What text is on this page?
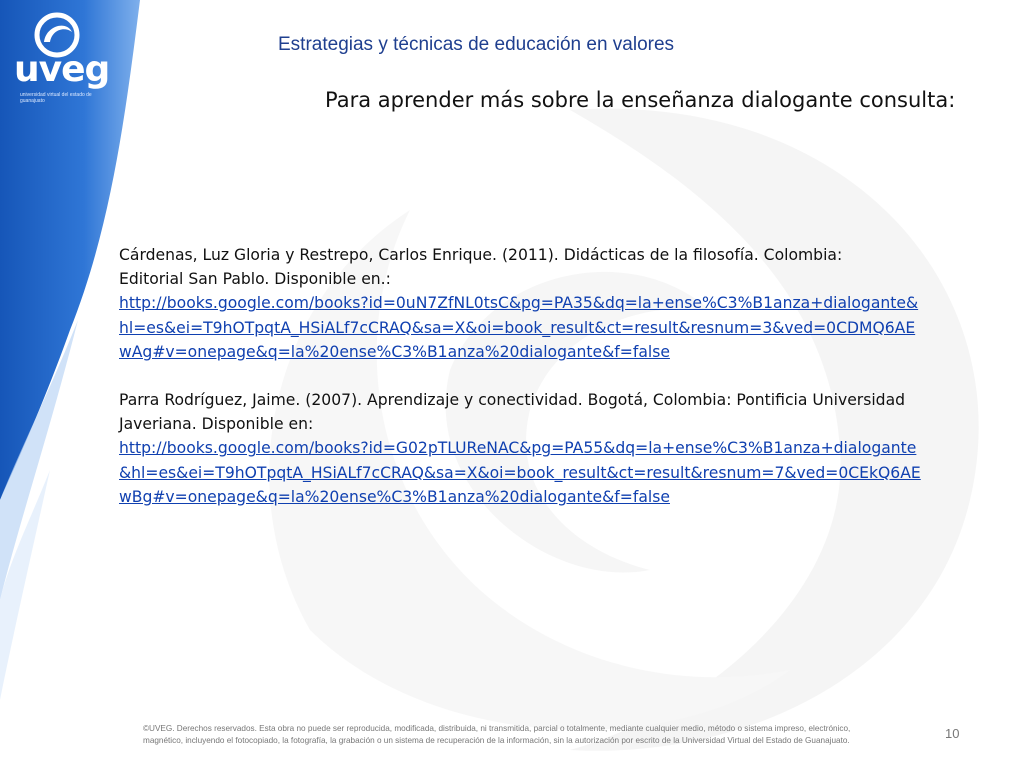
uveg
universidad virtual del estado de guanajuato
Estrategias y técnicas de educación en valores
Para aprender más sobre la enseñanza dialogante consulta:
Cárdenas, Luz Gloria y Restrepo, Carlos Enrique. (2011). Didácticas de la filosofía. Colombia:
Editorial San Pablo. Disponible en.:
http://books.google.com/books?id=0uN7ZfNL0tsC&pg=PA35&dq=la+ense%C3%B1anza+dialogante&
hl=es&ei=T9hOTpqtA_HSiALf7cCRAQ&sa=X&oi=book_result&ct=result&resnum=3&ved=0CDMQ6AE
wAg#v=onepage&q=la%20ense%C3%B1anza%20dialogante&f=false
Parra Rodríguez, Jaime. (2007). Aprendizaje y conectividad. Bogotá, Colombia: Pontificia Universidad
Javeriana. Disponible en:
http://books.google.com/books?id=G02pTLUReNAC&pg=PA55&dq=la+ense%C3%B1anza+dialogante
&hl=es&ei=T9hOTpqtA_HSiALf7cCRAQ&sa=X&oi=book_result&ct=result&resnum=7&ved=0CEkQ6AE
wBg#v=onepage&q=la%20ense%C3%B1anza%20dialogante&f=false
©UVEG. Derechos reservados. Esta obra no puede ser reproducida, modificada, distribuida, ni transmitida, parcial o totalmente, mediante cualquier medio, método o sistema impreso, electrónico,
magnético, incluyendo el fotocopiado, la fotografía, la grabación o un sistema de recuperación de la información, sin la autorización por escrito de la Universidad Virtual del Estado de Guanajuato.	10
